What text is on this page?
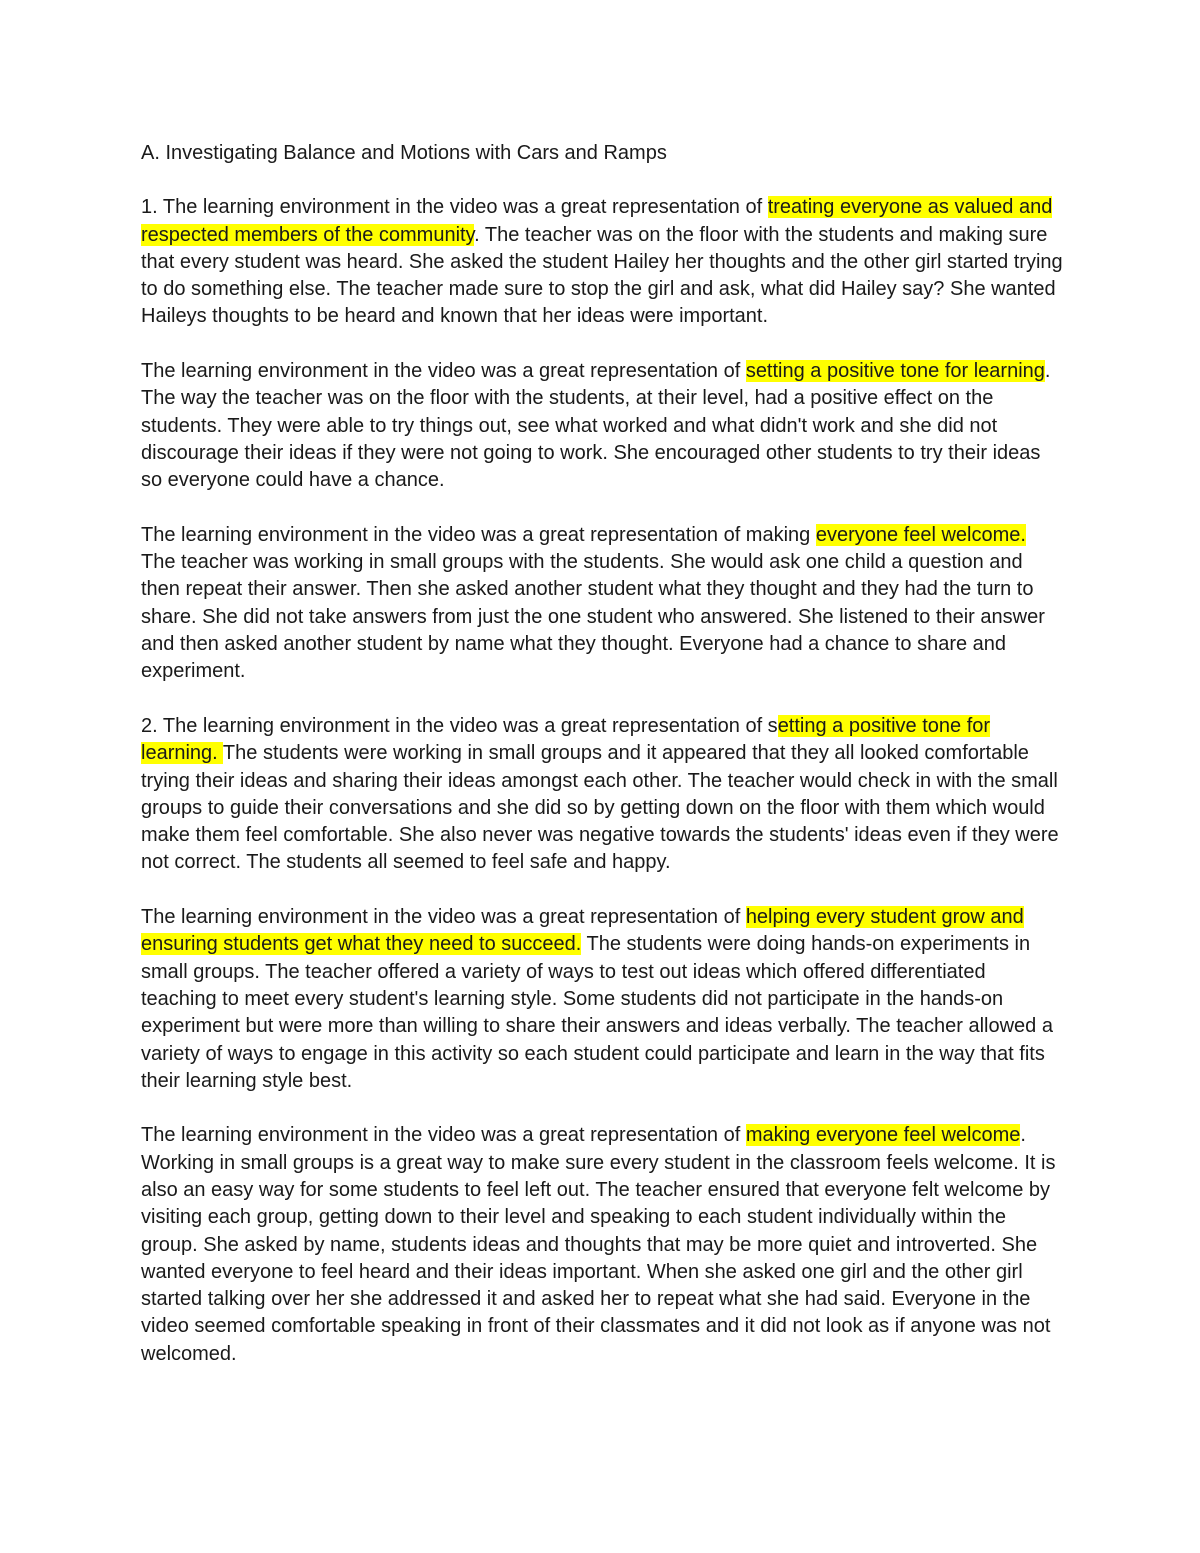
A. Investigating Balance and Motions with Cars and Ramps

1. The learning environment in the video was a great representation of treating everyone as valued and respected members of the community. The teacher was on the floor with the students and making sure that every student was heard. She asked the student Hailey her thoughts and the other girl started trying to do something else. The teacher made sure to stop the girl and ask, what did Hailey say? She wanted Haileys thoughts to be heard and known that her ideas were important.

The learning environment in the video was a great representation of setting a positive tone for learning. The way the teacher was on the floor with the students, at their level, had a positive effect on the students. They were able to try things out, see what worked and what didn't work and she did not discourage their ideas if they were not going to work. She encouraged other students to try their ideas so everyone could have a chance.

The learning environment in the video was a great representation of making everyone feel welcome. The teacher was working in small groups with the students. She would ask one child a question and then repeat their answer. Then she asked another student what they thought and they had the turn to share. She did not take answers from just the one student who answered. She listened to their answer and then asked another student by name what they thought. Everyone had a chance to share and experiment.

2. The learning environment in the video was a great representation of setting a positive tone for learning. The students were working in small groups and it appeared that they all looked comfortable trying their ideas and sharing their ideas amongst each other. The teacher would check in with the small groups to guide their conversations and she did so by getting down on the floor with them which would make them feel comfortable. She also never was negative towards the students' ideas even if they were not correct. The students all seemed to feel safe and happy.

The learning environment in the video was a great representation of helping every student grow and ensuring students get what they need to succeed. The students were doing hands-on experiments in small groups. The teacher offered a variety of ways to test out ideas which offered differentiated teaching to meet every student's learning style. Some students did not participate in the hands-on experiment but were more than willing to share their answers and ideas verbally. The teacher allowed a variety of ways to engage in this activity so each student could participate and learn in the way that fits their learning style best.

The learning environment in the video was a great representation of making everyone feel welcome. Working in small groups is a great way to make sure every student in the classroom feels welcome. It is also an easy way for some students to feel left out. The teacher ensured that everyone felt welcome by visiting each group, getting down to their level and speaking to each student individually within the group. She asked by name, students ideas and thoughts that may be more quiet and introverted. She wanted everyone to feel heard and their ideas important. When she asked one girl and the other girl started talking over her she addressed it and asked her to repeat what she had said. Everyone in the video seemed comfortable speaking in front of their classmates and it did not look as if anyone was not welcomed.
